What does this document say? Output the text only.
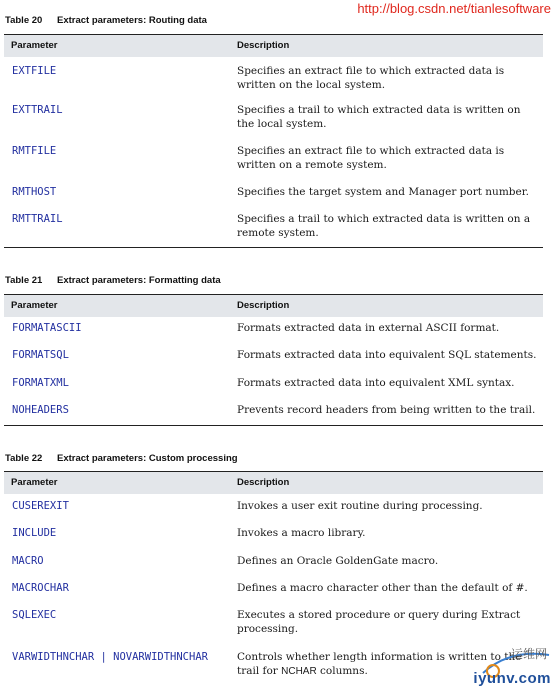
http://blog.csdn.net/tianlesoftware
Table 20 Extract parameters: Routing data
Parameter	Description
EXTFILE	Specifies an extract file to which extracted data is written on the local system.
EXTTRAIL	Specifies a trail to which extracted data is written on the local system.
RMTFILE	Specifies an extract file to which extracted data is written on a remote system.
RMTHOST	Specifies the target system and Manager port number.
RMTTRAIL	Specifies a trail to which extracted data is written on a remote system.
Table 21 Extract parameters: Formatting data
Parameter	Description
FORMATASCII	Formats extracted data in external ASCII format.
FORMATSQL	Formats extracted data into equivalent SQL statements.
FORMATXML	Formats extracted data into equivalent XML syntax.
NOHEADERS	Prevents record headers from being written to the trail.
Table 22 Extract parameters: Custom processing
Parameter	Description
CUSEREXIT	Invokes a user exit routine during processing.
INCLUDE	Invokes a macro library.
MACRO	Defines an Oracle GoldenGate macro.
MACROCHAR	Defines a macro character other than the default of #.
SQLEXEC	Executes a stored procedure or query during Extract processing.
VARWIDTHNCHAR | NOVARWIDTHNCHAR	Controls whether length information is written to the trail for NCHAR columns.
运维网
iyunv.com
